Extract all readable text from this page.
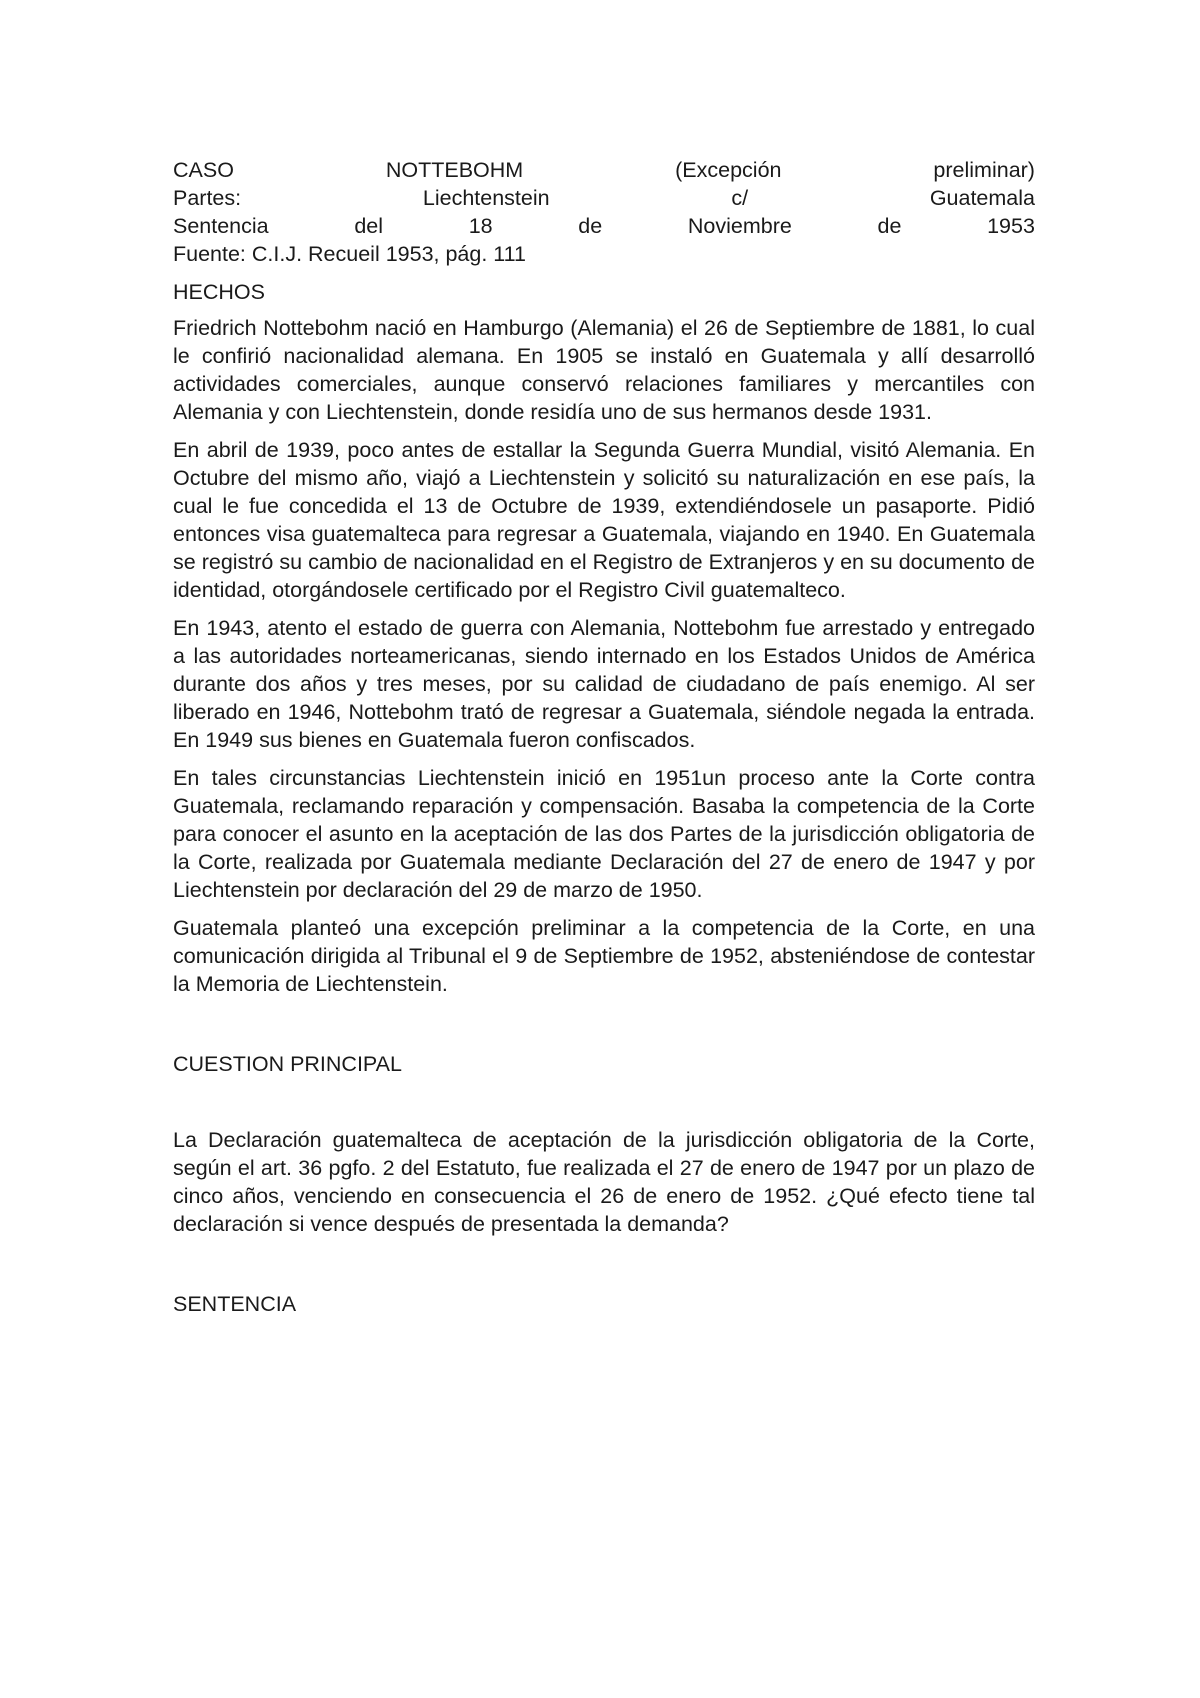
CASO	NOTTEBOHM	(Excepción	preliminar)
Partes:	Liechtenstein	c/	Guatemala
Sentencia	del	18	de	Noviembre	de	1953
Fuente: C.I.J. Recueil 1953, pág. 111
HECHOS

Friedrich Nottebohm nació en Hamburgo (Alemania) el 26 de Septiembre de 1881, lo cual le confirió nacionalidad alemana. En 1905 se instaló en Guatemala y allí desarrolló actividades comerciales, aunque conservó relaciones familiares y mercantiles con Alemania y con Liechtenstein, donde residía uno de sus hermanos desde 1931.

En abril de 1939, poco antes de estallar la Segunda Guerra Mundial, visitó Alemania. En Octubre del mismo año, viajó a Liechtenstein y solicitó su naturalización en ese país, la cual le fue concedida el 13 de Octubre de 1939, extendiéndosele un pasaporte. Pidió entonces visa guatemalteca para regresar a Guatemala, viajando en 1940. En Guatemala se registró su cambio de nacionalidad en el Registro de Extranjeros y en su documento de identidad, otorgándosele certificado por el Registro Civil guatemalteco.

En 1943, atento el estado de guerra con Alemania, Nottebohm fue arrestado y entregado a las autoridades norteamericanas, siendo internado en los Estados Unidos de América durante dos años y tres meses, por su calidad de ciudadano de país enemigo. Al ser liberado en 1946, Nottebohm trató de regresar a Guatemala, siéndole negada la entrada. En 1949 sus bienes en Guatemala fueron confiscados.

En tales circunstancias Liechtenstein inició en 1951un proceso ante la Corte contra Guatemala, reclamando reparación y compensación. Basaba la competencia de la Corte para conocer el asunto en la aceptación de las dos Partes de la jurisdicción obligatoria de la Corte, realizada por Guatemala mediante Declaración del 27 de enero de 1947 y por Liechtenstein por declaración del 29 de marzo de 1950.

Guatemala planteó una excepción preliminar a la competencia de la Corte, en una comunicación dirigida al Tribunal el 9 de Septiembre de 1952, absteniéndose de contestar la Memoria de Liechtenstein.

CUESTION PRINCIPAL

La Declaración guatemalteca de aceptación de la jurisdicción obligatoria de la Corte, según el art. 36 pgfo. 2 del Estatuto, fue realizada el 27 de enero de 1947 por un plazo de cinco años, venciendo en consecuencia el 26 de enero de 1952. ¿Qué efecto tiene tal declaración si vence después de presentada la demanda?

SENTENCIA
